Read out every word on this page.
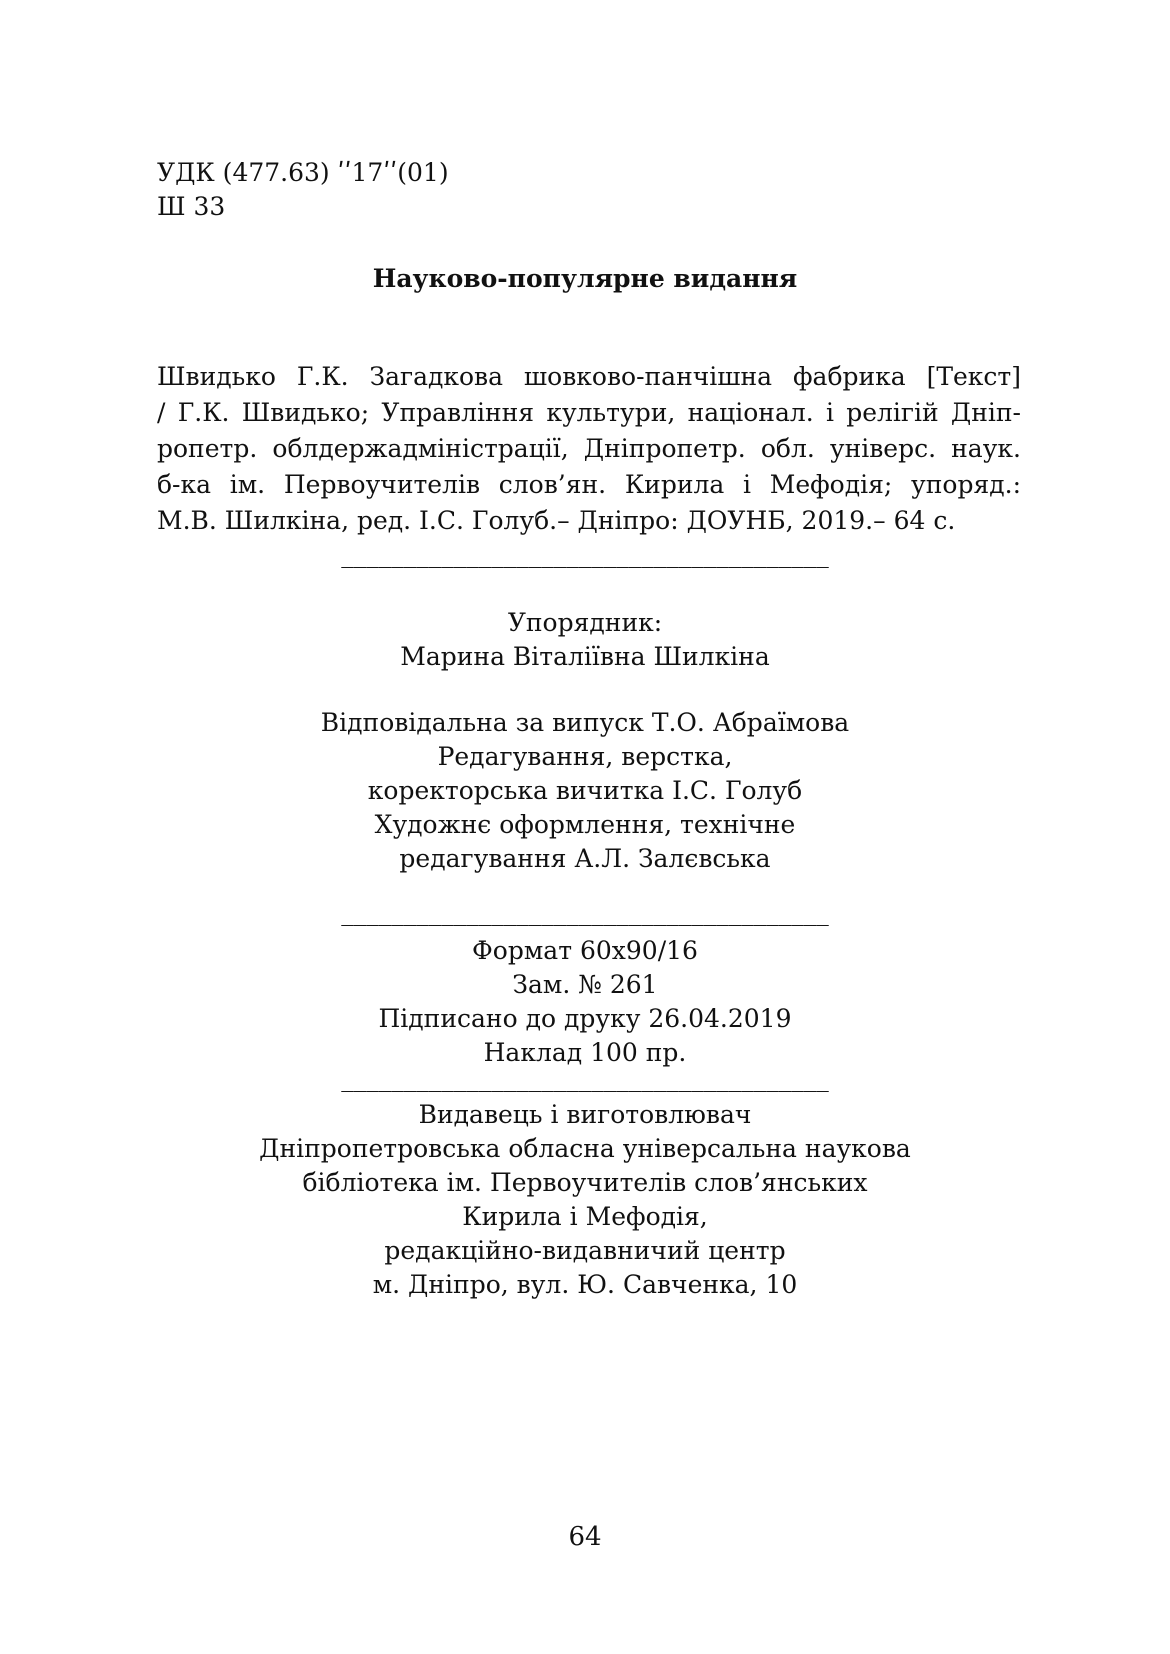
УДК (477.63) ʹʹ17ʹʹ(01)
Ш 33
Науково-популярне видання
Швидько Г.К. Загадкова шовково-панчішна фабрика [Текст]
/ Г.К. Швидько; Управління культури, націонал. і релігій Дніп-
ропетр. облдержадміністрації, Дніпропетр. обл. універс. наук.
б-ка ім. Первоучителів слов’ян. Кирила і Мефодія; упоряд.:
М.В. Шилкіна, ред. І.С. Голуб.– Дніпро: ДОУНБ, 2019.– 64 с.
_______________________________________
Упорядник:
Марина Віталіївна Шилкіна
Відповідальна за випуск Т.О. Абраїмова
Редагування, верстка,
коректорська вичитка І.С. Голуб
Художнє оформлення, технічне
редагування А.Л. Залєвська
_______________________________________
Формат 60х90/16
Зам. № 261
Підписано до друку 26.04.2019
Наклад 100 пр.
_______________________________________
Видавець і виготовлювач
Дніпропетровська обласна універсальна наукова
бібліотека ім. Первоучителів слов’янських
Кирила і Мефодія,
редакційно-видавничий центр
м. Дніпро, вул. Ю. Савченка, 10
64
